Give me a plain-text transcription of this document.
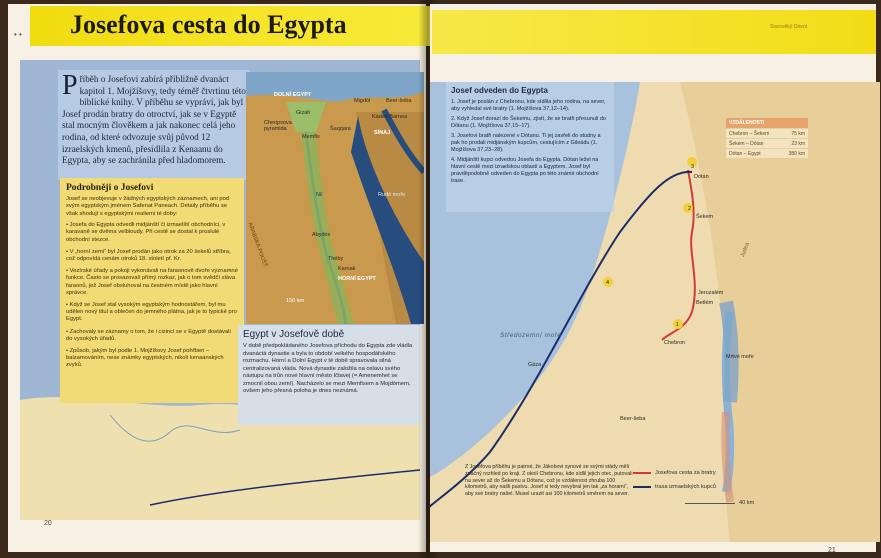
• • Josefova cesta do Egypta
P říběh o Josefovi zabírá přibližně dvanáct kapitol 1. Mojžíšovy, tedy téměř čtvrtinu této biblické knihy. V příběhu se vypráví, jak byl Josef prodán bratry do otroctví, jak se v Egyptě stal mocným člověkem a jak nakonec celá jeho rodina, od které odvozuje svůj původ 12 izraelských kmenů, přesídlila z Kenaanu do Egypta, aby se zachránila před hladomorem.
Podrobněji o Josefovi
Josef se neobjevuje v žádných egyptských záznamech, ani pod svým egyptským jménem Safenat Paneach. Detaily příběhu se však shodují s egyptskými realiemi té doby:
• Josefa do Egypta odvedli midjánští či izmaelští obchodníci, v karavaně se dvěma velbloudy. Při cestě se dostal k proslulé obchodní stezce.
• V „horní zemi“ byl Josef prodán jako otrok za 20 šekelů stříbra, což odpovídá cenám otroků 18. století př. Kr.
• Vezírské úřady a pokoji vykonávali na faraonově dvoře významné funkce. Často se prosazovali přímý rozkaz, jak o tom svědčí sláva faraonů, jež Josef obsluhoval na čestném místě jako hlavní správce.
• Když se Josef stal vysokým egyptským hodnostářem, byl mu udělen nový titul a oblečen do jemného plátna, jak je to typické pro Egypt.
• Zachovaly se záznamy o tom, že i cizinci se v Egyptě dostávali do vysokých úřadů.
• Způsob, jakým byl podle 1. Mojžíšovy Josef pohřben – balzamováním, nese známky egyptských, nikoli kenaanských zvyků.
DOLNÍ EGYPT
Migdól	Beer-šeba
Kádeš-Barnea
Gizah
Cheopsova pyramida
Memfis
Šaqqara
SÍNAJ
Rudé moře
Abydos
Théby
Karnak
HORNÍ EGYPT
Nil
ARABSKÁ POUŠŤ
150 km
Egypt v Josefově době
V době předpokládaného Josefova příchodu do Egypta zde vládla dvanáctá dynastie a byla to období velkého hospodářského rozmachu. Horní a Dolní Egypt v té době spravovala silná centralizovaná vláda. Nová dynastie založila na oslavu svého nástupu na trůn nové hlavní město Ičtavej (= Amenemhet se zmocnil obou zemí). Nacházelo se mezi Memfisem a Mojdómem, ovšem jeho přesná poloha je dnes neznámá.
20
Starověký Orient
3
2
1
4
Josef odveden do Egypta
1. Josef je poslán z Chebronu, kde sídlila jeho rodina, na sever, aby vyhledal své bratry (1. Mojžíšova 37,12–14).
2. Když Josef dorazí do Šekemu, zjistí, že se bratři přesunuli do Dótanu (1. Mojžíšova 37,15–17).
3. Josefovi bratři nalezené v Dótanu. Ti jej zavřeli do studny a pak ho prodali midjánským kupcům, cestujícím z Gileádu (1. Mojžíšova 37,23–28).
4. Midjánští kupci odvedou Josefa do Egypta. Dótan ležel na hlavní cestě mezi izraelskou oblastí a Egyptem. Josef byl pravděpodobně odveden do Egypta po této známé obchodní trase.
VZDÁLENOSTI
Chebron – Šekem	75 km
Šekem – Dótan	23 km
Dótan – Egypt	380 km
Středozemní moře
Mrtvé moře
Judea
Dótan
Šekem
Jeruzalém
Betlém
Chebron
Gáza
Beer-šeba
Z Josefova příběhu je patrné, že Jákobovi synové se svými stády měli značný rozhled po kraji. Z okolí Chebronu, kde sídlil jejich otec, putovali na sever až do Šekemu a Dótanu, což je vzdálenost zhruba 100 kilometrů, aby našli pastvu. Josef si tedy nevybral jen tak „za horami“, aby své bratry našel. Musel urazit asi 100 kilometrů směrem na sever.
Josefova cesta za bratry
trasa izmaelských kupců
40 km
21
